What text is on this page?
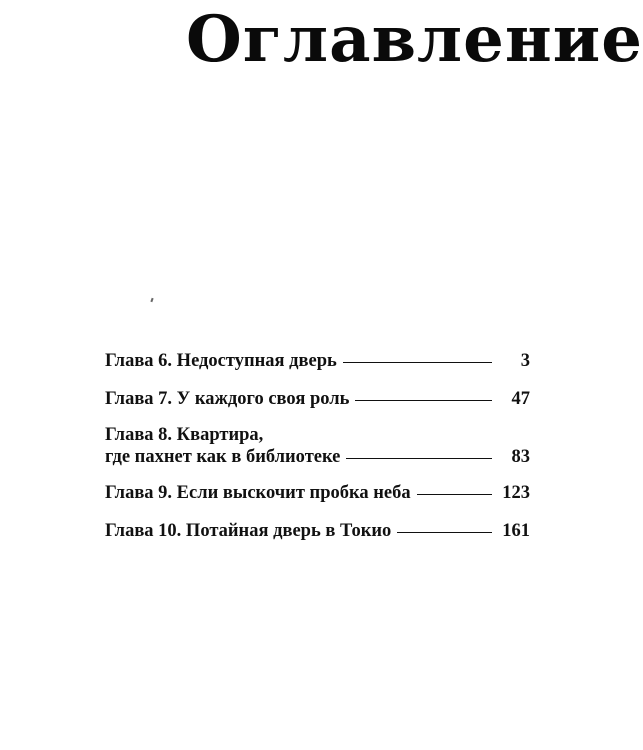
Оглавление
Глава 6. Недоступная дверь	3
Глава 7. У каждого своя роль	47
Глава 8. Квартира,
где пахнет как в библиотеке	83
Глава 9. Если выскочит пробка неба	123
Глава 10. Потайная дверь в Токио	161
